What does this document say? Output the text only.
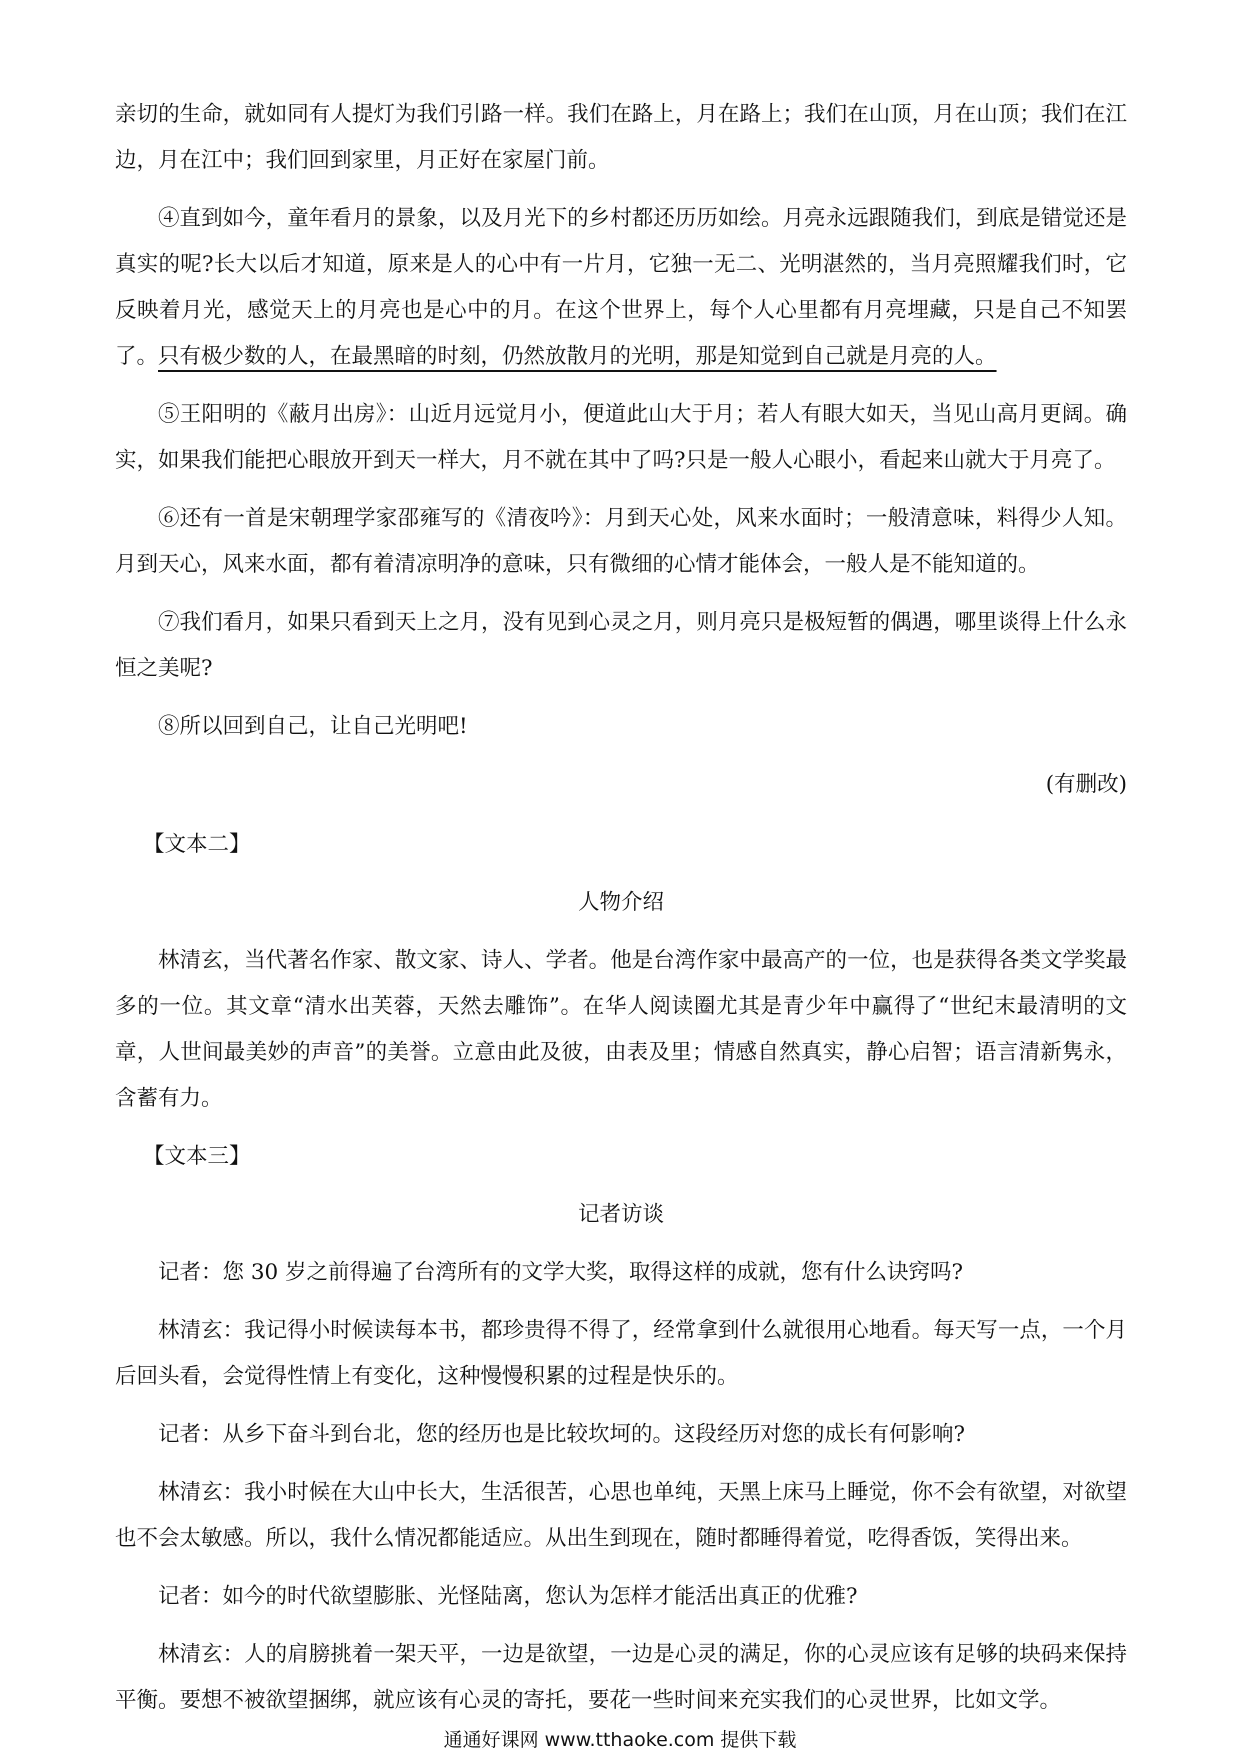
亲切的生命，就如同有人提灯为我们引路一样。我们在路上，月在路上；我们在山顶，月在山顶；我们在江边，月在江中；我们回到家里，月正好在家屋门前。

④直到如今，童年看月的景象，以及月光下的乡村都还历历如绘。月亮永远跟随我们，到底是错觉还是真实的呢?长大以后才知道，原来是人的心中有一片月，它独一无二、光明湛然的，当月亮照耀我们时，它反映着月光，感觉天上的月亮也是心中的月。在这个世界上，每个人心里都有月亮埋藏，只是自己不知罢了。只有极少数的人，在最黑暗的时刻，仍然放散月的光明，那是知觉到自己就是月亮的人。

⑤王阳明的《蔽月出房》：山近月远觉月小，便道此山大于月；若人有眼大如天，当见山高月更阔。确实，如果我们能把心眼放开到天一样大，月不就在其中了吗?只是一般人心眼小，看起来山就大于月亮了。

⑥还有一首是宋朝理学家邵雍写的《清夜吟》：月到天心处，风来水面时；一般清意味，料得少人知。月到天心，风来水面，都有着清凉明净的意味，只有微细的心情才能体会，一般人是不能知道的。

⑦我们看月，如果只看到天上之月，没有见到心灵之月，则月亮只是极短暂的偶遇，哪里谈得上什么永恒之美呢?

⑧所以回到自己，让自己光明吧!

(有删改)
【文本二】
人物介绍

林清玄，当代著名作家、散文家、诗人、学者。他是台湾作家中最高产的一位，也是获得各类文学奖最多的一位。其文章“清水出芙蓉，天然去雕饰”。在华人阅读圈尤其是青少年中赢得了“世纪末最清明的文章，人世间最美妙的声音”的美誉。立意由此及彼，由表及里；情感自然真实，静心启智；语言清新隽永，含蓄有力。

【文本三】
记者访谈

记者：您 30 岁之前得遍了台湾所有的文学大奖，取得这样的成就，您有什么诀窍吗?

林清玄：我记得小时候读每本书，都珍贵得不得了，经常拿到什么就很用心地看。每天写一点，一个月后回头看，会觉得性情上有变化，这种慢慢积累的过程是快乐的。

记者：从乡下奋斗到台北，您的经历也是比较坎坷的。这段经历对您的成长有何影响?

林清玄：我小时候在大山中长大，生活很苦，心思也单纯，天黑上床马上睡觉，你不会有欲望，对欲望也不会太敏感。所以，我什么情况都能适应。从出生到现在，随时都睡得着觉，吃得香饭，笑得出来。

记者：如今的时代欲望膨胀、光怪陆离，您认为怎样才能活出真正的优雅?

林清玄：人的肩膀挑着一架天平，一边是欲望，一边是心灵的满足，你的心灵应该有足够的块码来保持平衡。要想不被欲望捆绑，就应该有心灵的寄托，要花一些时间来充实我们的心灵世界，比如文学。

通通好课网 www.tthaoke.com 提供下载
